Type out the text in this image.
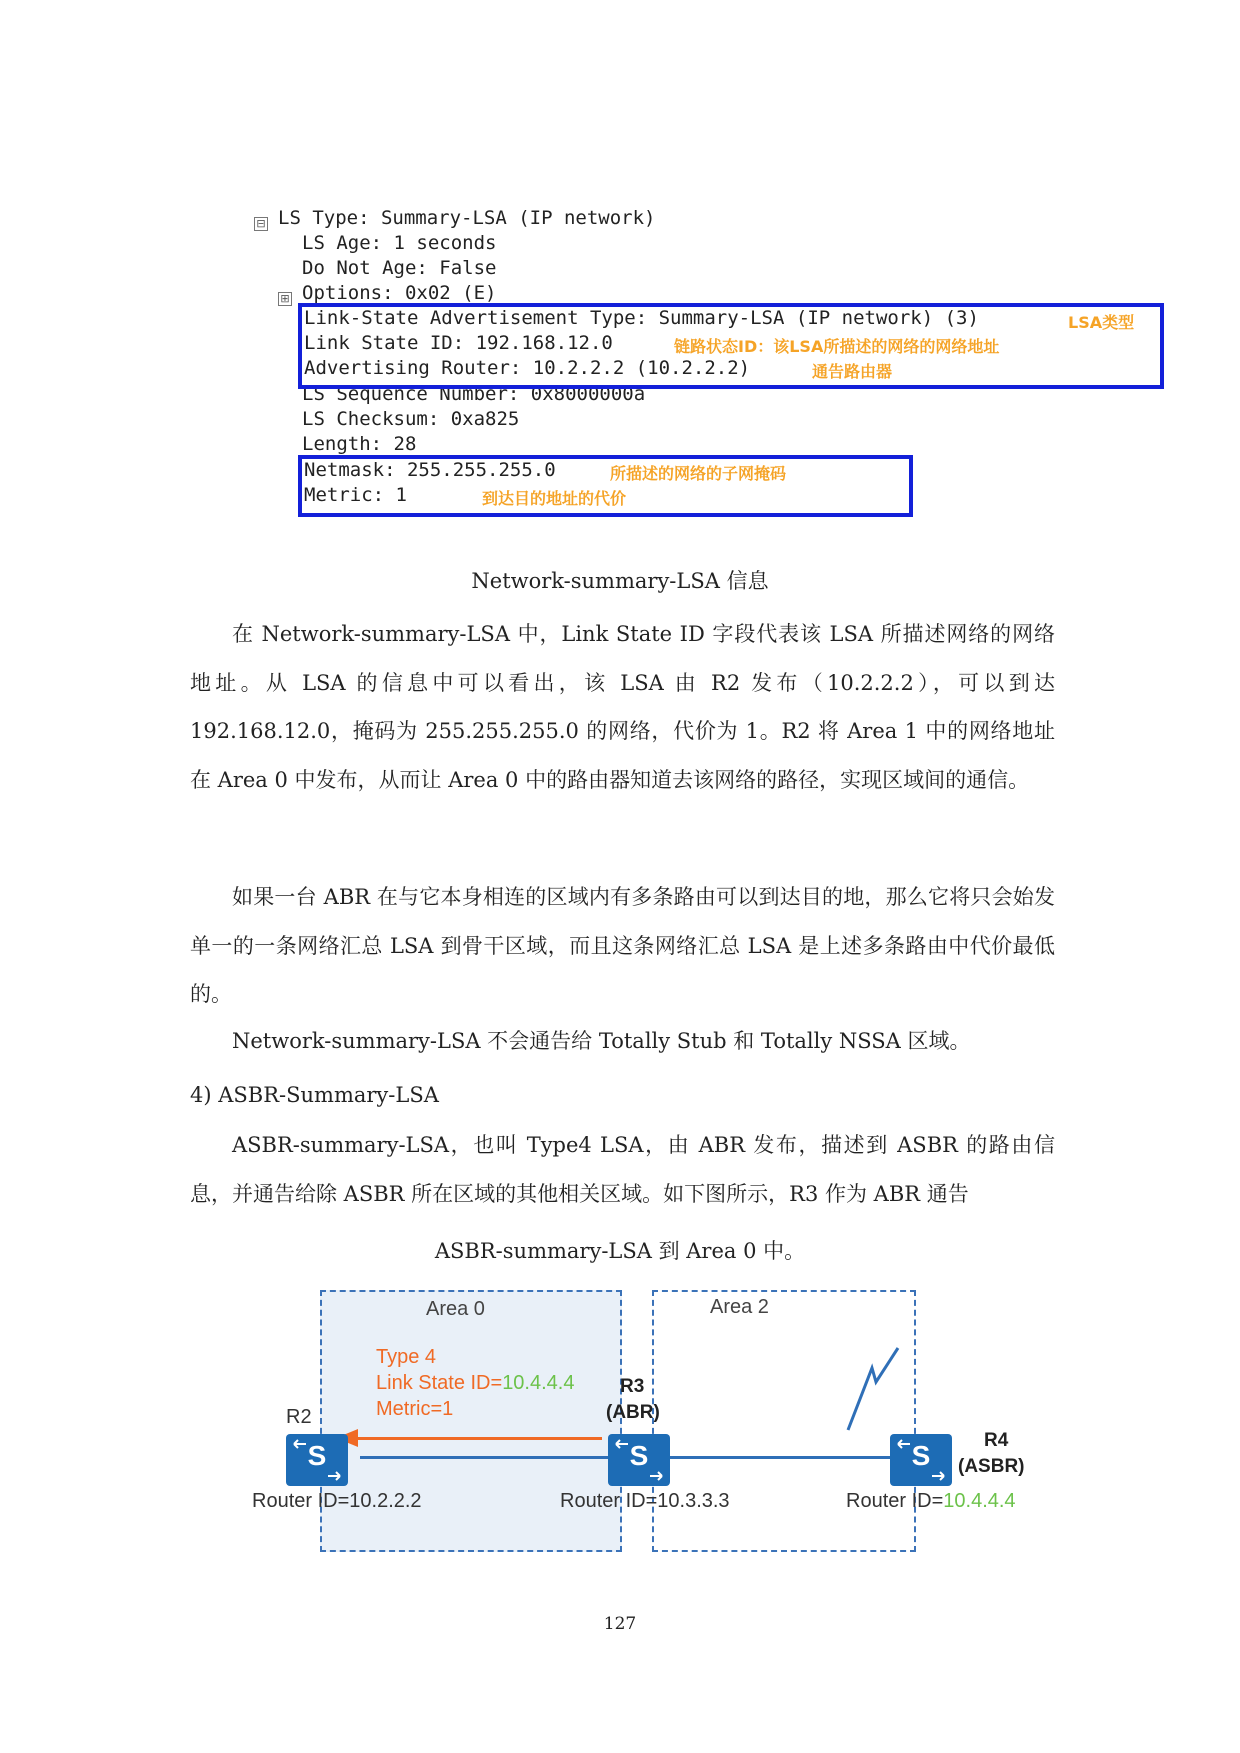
⊟ LS Type: Summary-LSA (IP network)
LS Age: 1 seconds
Do Not Age: False
⊞ Options: 0x02 (E)
Link-State Advertisement Type: Summary-LSA (IP network) (3)
Link State ID: 192.168.12.0
Advertising Router: 10.2.2.2 (10.2.2.2)
LS Sequence Number: 0x8000000a
LS Checksum: 0xa825
Length: 28
Netmask: 255.255.255.0
Metric: 1
LSA类型
链路状态ID：该LSA所描述的网络的网络地址
通告路由器
所描述的网络的子网掩码
到达目的地址的代价
Network-summary-LSA 信息

在 Network-summary-LSA 中，Link State ID 字段代表该 LSA 所描述网络的网络地址。从 LSA 的信息中可以看出，该 LSA 由 R2 发布（10.2.2.2），可以到达 192.168.12.0，掩码为 255.255.255.0 的网络，代价为 1。R2 将 Area 1 中的网络地址在 Area 0 中发布，从而让 Area 0 中的路由器知道去该网络的路径，实现区域间的通信。

如果一台 ABR 在与它本身相连的区域内有多条路由可以到达目的地，那么它将只会始发单一的一条网络汇总 LSA 到骨干区域，而且这条网络汇总 LSA 是上述多条路由中代价最低的。

Network-summary-LSA 不会通告给 Totally Stub 和 Totally NSSA 区域。

4) ASBR-Summary-LSA

ASBR-summary-LSA，也叫 Type4 LSA，由 ABR 发布，描述到 ASBR 的路由信息，并通告给除 ASBR 所在区域的其他相关区域。如下图所示，R3 作为 ABR 通告

ASBR-summary-LSA 到 Area 0 中。
Area 0	Area 2
Type 4
Link State ID=10.4.4.4
Metric=1
R2
S
Router ID=10.2.2.2
R3
(ABR)
S
Router ID=10.3.3.3
S	R4
(ASBR)
Router ID=10.4.4.4
127
